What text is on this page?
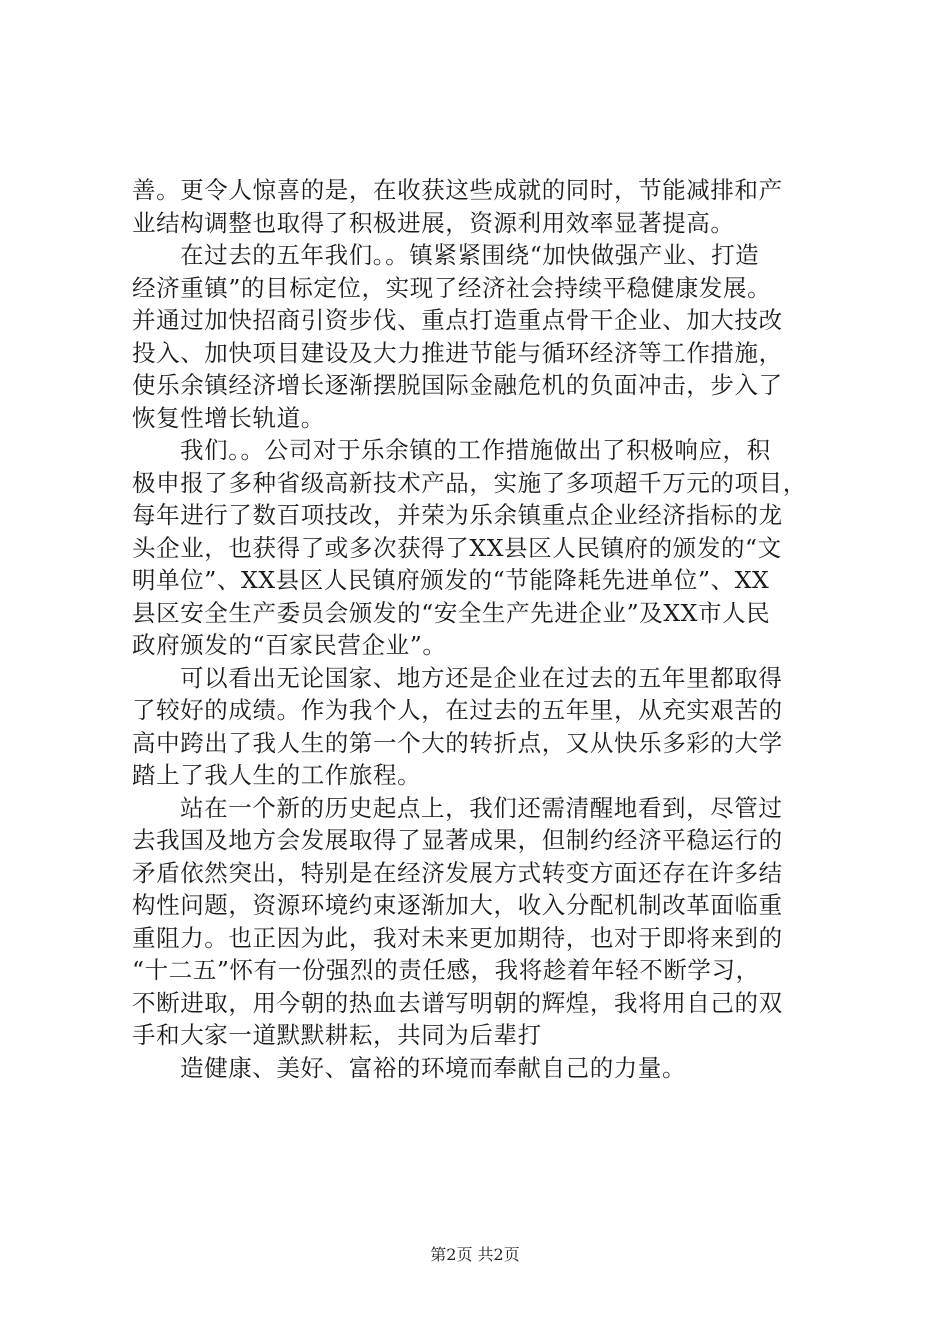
善。更令人惊喜的是，在收获这些成就的同时，节能减排和产
业结构调整也取得了积极进展，资源利用效率显著提高。
在过去的五年我们。。镇紧紧围绕“加快做强产业、打造
经济重镇”的目标定位，实现了经济社会持续平稳健康发展。
并通过加快招商引资步伐、重点打造重点骨干企业、加大技改
投入、加快项目建设及大力推进节能与循环经济等工作措施，
使乐余镇经济增长逐渐摆脱国际金融危机的负面冲击，步入了
恢复性增长轨道。
我们。。公司对于乐余镇的工作措施做出了积极响应，积
极申报了多种省级高新技术产品，实施了多项超千万元的项目，
每年进行了数百项技改，并荣为乐余镇重点企业经济指标的龙
头企业，也获得了或多次获得了XX县区人民镇府的颁发的“文
明单位”、XX县区人民镇府颁发的“节能降耗先进单位”、XX
县区安全生产委员会颁发的“安全生产先进企业”及XX市人民
政府颁发的“百家民营企业”。
可以看出无论国家、地方还是企业在过去的五年里都取得
了较好的成绩。作为我个人，在过去的五年里，从充实艰苦的
高中跨出了我人生的第一个大的转折点，又从快乐多彩的大学
踏上了我人生的工作旅程。
站在一个新的历史起点上，我们还需清醒地看到，尽管过
去我国及地方会发展取得了显著成果，但制约经济平稳运行的
矛盾依然突出，特别是在经济发展方式转变方面还存在许多结
构性问题，资源环境约束逐渐加大，收入分配机制改革面临重
重阻力。也正因为此，我对未来更加期待，也对于即将来到的
“十二五”怀有一份强烈的责任感，我将趁着年轻不断学习，
不断进取，用今朝的热血去谱写明朝的辉煌，我将用自己的双
手和大家一道默默耕耘，共同为后辈打
造健康、美好、富裕的环境而奉献自己的力量。
第2页 共2页
